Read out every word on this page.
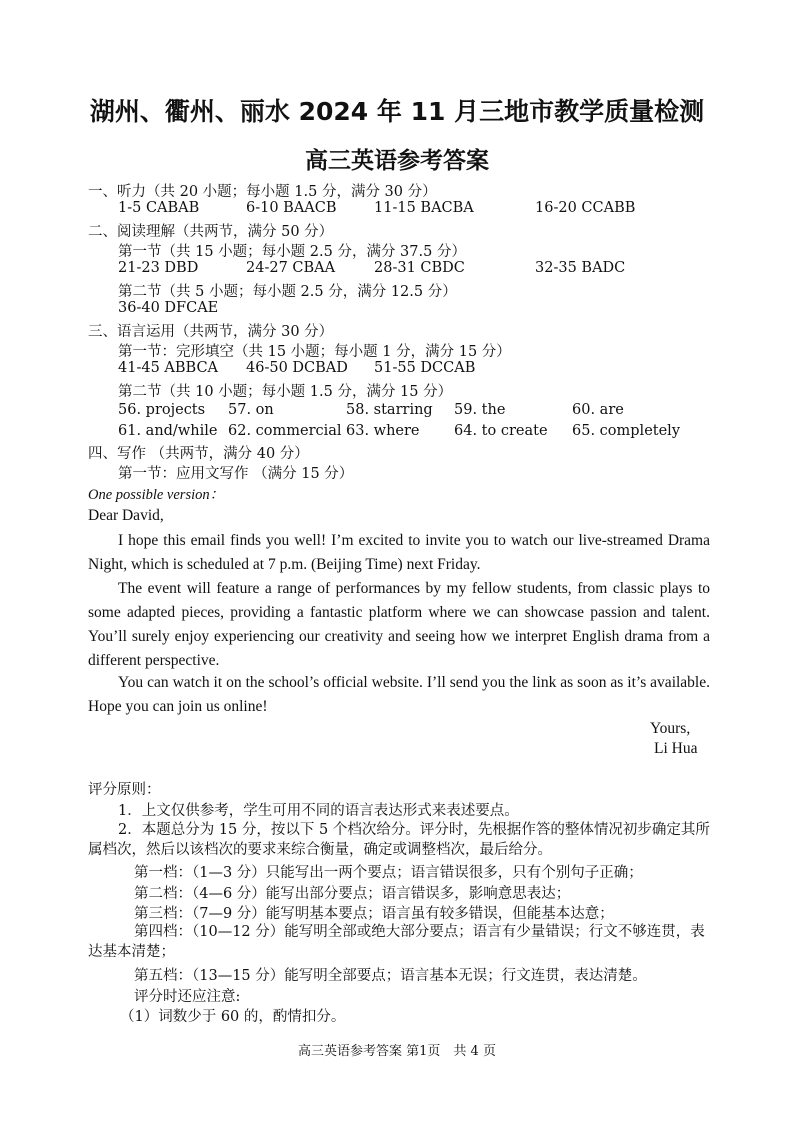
湖州、衢州、丽水 2024 年 11 月三地市教学质量检测
高三英语参考答案
一、听力（共 20 小题；每小题 1.5 分，满分 30 分）
1-5 CABAB	6-10 BAACB	11-15 BACBA	16-20 CCABB
二、阅读理解（共两节，满分 50 分）
第一节（共 15 小题；每小题 2.5 分，满分 37.5 分）
21-23 DBD	24-27 CBAA	28-31 CBDC	32-35 BADC
第二节（共 5 小题；每小题 2.5 分，满分 12.5 分）
36-40 DFCAE
三、语言运用（共两节，满分 30 分）
第一节：完形填空（共 15 小题；每小题 1 分，满分 15 分）
41-45 ABBCA 46-50 DCBAD 51-55 DCCAB
第二节（共 10 小题；每小题 1.5 分，满分 15 分）
56. projects 57. on	58. starring 59. the	60. are
61. and/while 62. commercial 63. where 64. to create 65. completely
四、写作 （共两节，满分 40 分）
第一节：应用文写作 （满分 15 分）
One possible version：
Dear David,
I hope this email finds you well! I’m excited to invite you to watch our live-streamed Drama Night, which is scheduled at 7 p.m. (Beijing Time) next Friday.
The event will feature a range of performances by my fellow students, from classic plays to some adapted pieces, providing a fantastic platform where we can showcase passion and talent. You’ll surely enjoy experiencing our creativity and seeing how we interpret English drama from a different perspective.
You can watch it on the school’s official website. I’ll send you the link as soon as it’s available. Hope you can join us online!
Yours,
Li Hua
评分原则：
1．上文仅供参考，学生可用不同的语言表达形式来表述要点。
2．本题总分为 15 分，按以下 5 个档次给分。评分时，先根据作答的整体情况初步确定其所属档次，然后以该档次的要求来综合衡量，确定或调整档次，最后给分。
第一档：（1—3 分）只能写出一两个要点；语言错误很多，只有个别句子正确；
第二档：（4—6 分）能写出部分要点；语言错误多，影响意思表达；
第三档：（7—9 分）能写明基本要点；语言虽有较多错误，但能基本达意；
第四档：（10—12 分）能写明全部或绝大部分要点；语言有少量错误；行文不够连贯，表达基本清楚；
第五档：（13—15 分）能写明全部要点；语言基本无误；行文连贯，表达清楚。
评分时还应注意:
（1）词数少于 60 的，酌情扣分。
高三英语参考答案 第1页　共 4 页
